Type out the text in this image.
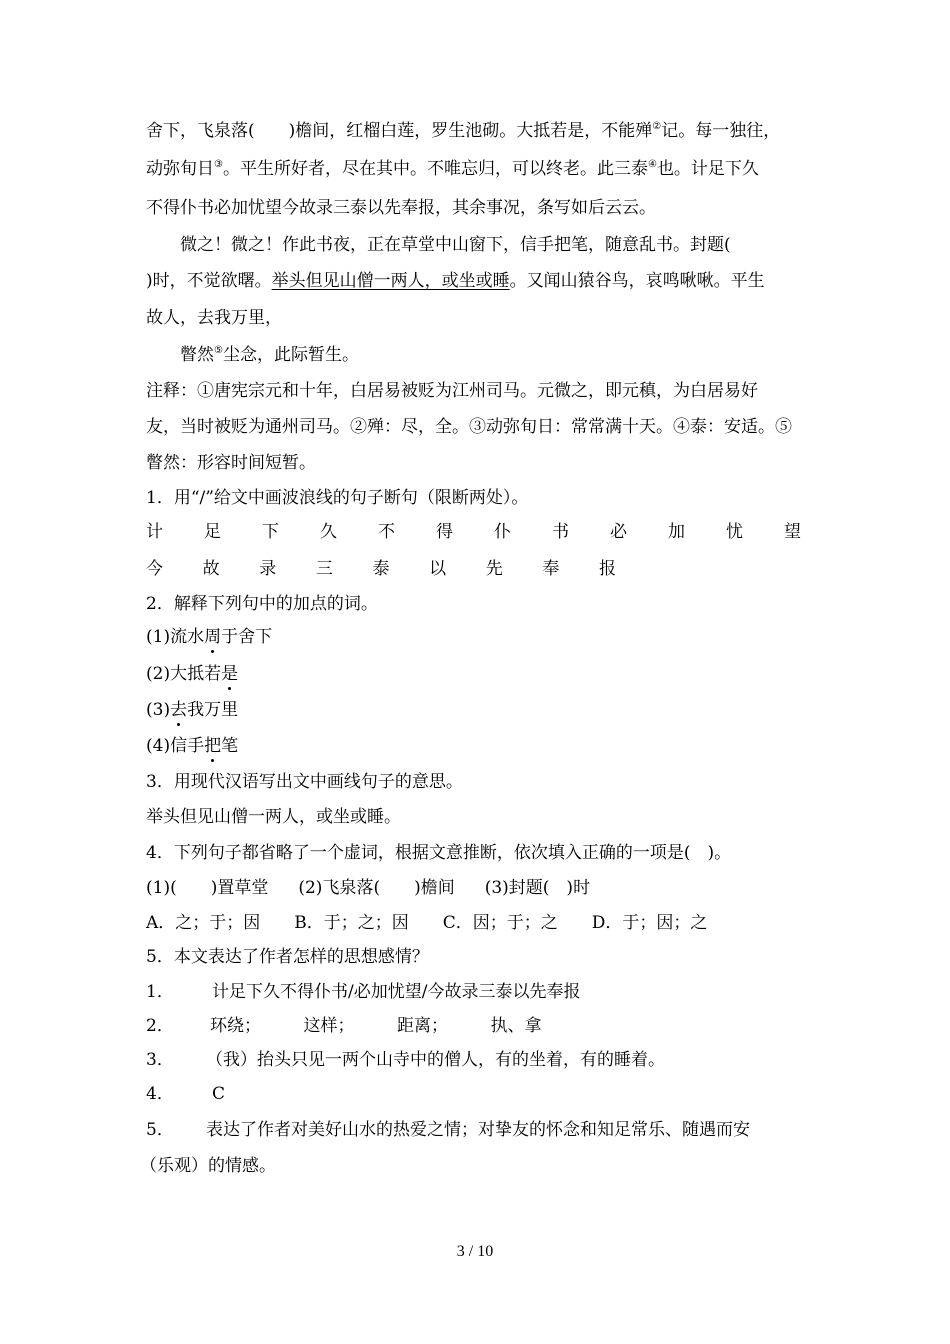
舍下，飞泉落(　　)檐间，红榴白莲，罗生池砌。大抵若是，不能殚②记。每一独往，
动弥旬日③。平生所好者，尽在其中。不唯忘归，可以终老。此三泰④也。计足下久
不得仆书必加忧望今故录三泰以先奉报，其余事况，条写如后云云。
微之！微之！作此书夜，正在草堂中山窗下，信手把笔，随意乱书。封题(
)时，不觉欲曙。举头但见山僧一两人，或坐或睡。又闻山猿谷鸟，哀鸣啾啾。平生
故人，去我万里，
瞥然⑤尘念，此际暂生。
注释：①唐宪宗元和十年，白居易被贬为江州司马。元微之，即元稹，为白居易好
友，当时被贬为通州司马。②殚：尽，全。③动弥旬日：常常满十天。④泰：安适。⑤
瞥然：形容时间短暂。
1．用“/”给文中画波浪线的句子断句（限断两处）。
计 足 下 久 不 得 仆 书 必 加 忧 望
今 故 录 三 泰 以 先 奉 报
2．解释下列句中的加点的词。
(1)流水周于舍下
(2)大抵若是
(3)去我万里
(4)信手把笔
3．用现代汉语写出文中画线句子的意思。
举头但见山僧一两人，或坐或睡。
4．下列句子都省略了一个虚词，根据文意推断，依次填入正确的一项是(　)。
(1)(　　)置草堂 (2)飞泉落(　　)檐间 (3)封题(　)时
A．之；于；因 B．于；之；因 C．因；于；之 D．于；因；之
5．本文表达了作者怎样的思想感情？
1． 计足下久不得仆书/必加忧望/今故录三泰以先奉报
2． 环绕；　　　这样；　　　距离；　　　执、拿
3． （我）抬头只见一两个山寺中的僧人，有的坐着，有的睡着。
4． C
5． 表达了作者对美好山水的热爱之情；对挚友的怀念和知足常乐、随遇而安
（乐观）的情感。
3 / 10
